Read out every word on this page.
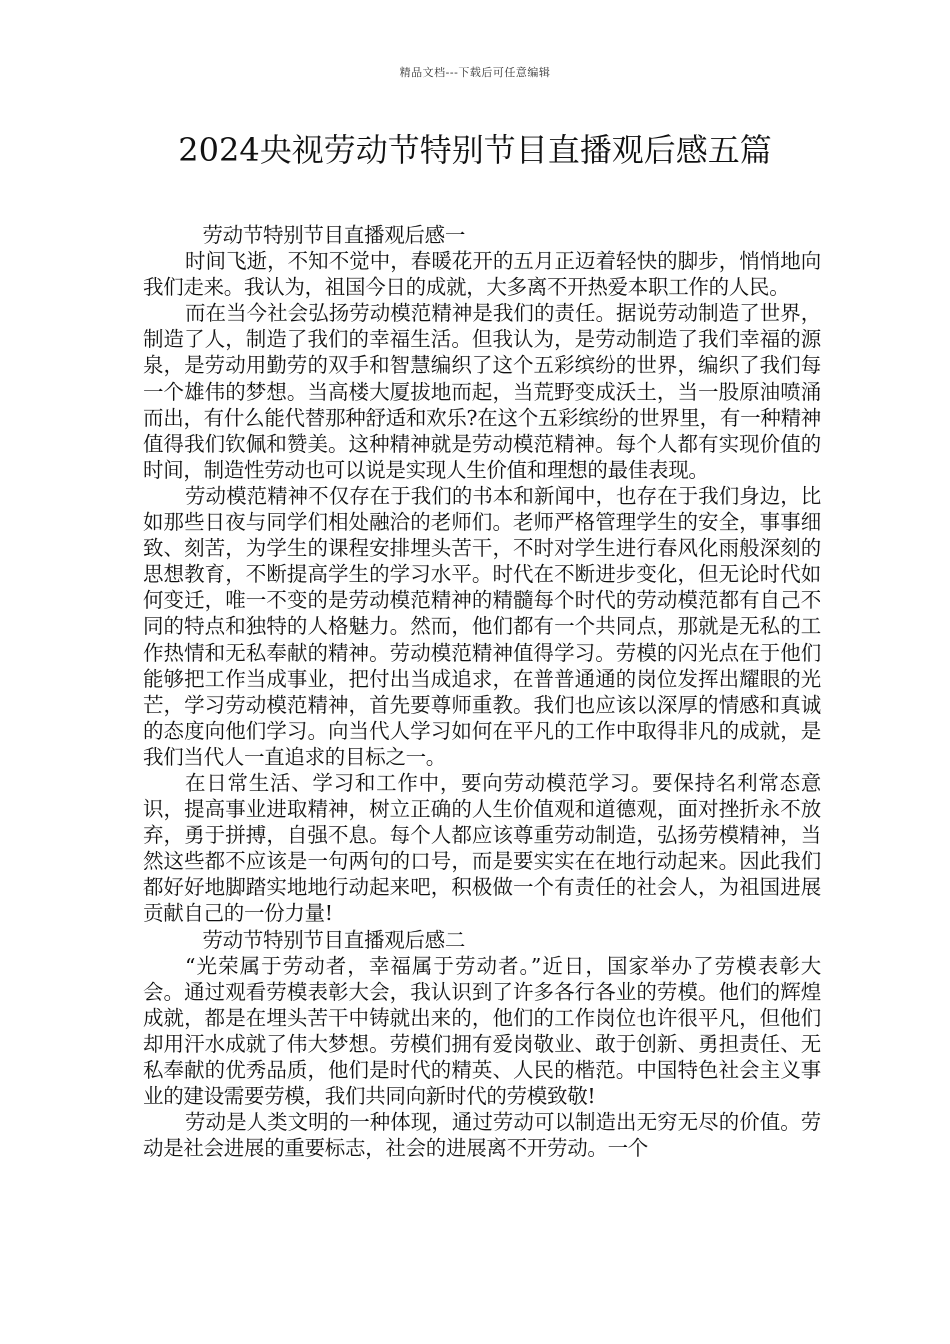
精品文档---下载后可任意编辑
2024央视劳动节特别节目直播观后感五篇

劳动节特别节目直播观后感一

时间飞逝，不知不觉中，春暖花开的五月正迈着轻快的脚步，悄悄地向我们走来。我认为，祖国今日的成就，大多离不开热爱本职工作的人民。

而在当今社会弘扬劳动模范精神是我们的责任。据说劳动制造了世界，制造了人，制造了我们的幸福生活。但我认为，是劳动制造了我们幸福的源泉，是劳动用勤劳的双手和智慧编织了这个五彩缤纷的世界，编织了我们每一个雄伟的梦想。当高楼大厦拔地而起，当荒野变成沃土，当一股原油喷涌而出，有什么能代替那种舒适和欢乐?在这个五彩缤纷的世界里，有一种精神值得我们钦佩和赞美。这种精神就是劳动模范精神。每个人都有实现价值的时间，制造性劳动也可以说是实现人生价值和理想的最佳表现。

劳动模范精神不仅存在于我们的书本和新闻中，也存在于我们身边，比如那些日夜与同学们相处融洽的老师们。老师严格管理学生的安全，事事细致、刻苦，为学生的课程安排埋头苦干，不时对学生进行春风化雨般深刻的思想教育，不断提高学生的学习水平。时代在不断进步变化，但无论时代如何变迁，唯一不变的是劳动模范精神的精髓每个时代的劳动模范都有自己不同的特点和独特的人格魅力。然而，他们都有一个共同点，那就是无私的工作热情和无私奉献的精神。劳动模范精神值得学习。劳模的闪光点在于他们能够把工作当成事业，把付出当成追求，在普普通通的岗位发挥出耀眼的光芒，学习劳动模范精神，首先要尊师重教。我们也应该以深厚的情感和真诚的态度向他们学习。向当代人学习如何在平凡的工作中取得非凡的成就，是我们当代人一直追求的目标之一。

在日常生活、学习和工作中，要向劳动模范学习。要保持名利常态意识，提高事业进取精神，树立正确的人生价值观和道德观，面对挫折永不放弃，勇于拼搏，自强不息。每个人都应该尊重劳动制造，弘扬劳模精神，当然这些都不应该是一句两句的口号，而是要实实在在地行动起来。因此我们都好好地脚踏实地地行动起来吧，积极做一个有责任的社会人，为祖国进展贡献自己的一份力量!

劳动节特别节目直播观后感二

“光荣属于劳动者，幸福属于劳动者。”近日，国家举办了劳模表彰大会。通过观看劳模表彰大会，我认识到了许多各行各业的劳模。他们的辉煌成就，都是在埋头苦干中铸就出来的，他们的工作岗位也许很平凡，但他们却用汗水成就了伟大梦想。劳模们拥有爱岗敬业、敢于创新、勇担责任、无私奉献的优秀品质，他们是时代的精英、人民的楷范。中国特色社会主义事业的建设需要劳模，我们共同向新时代的劳模致敬!

劳动是人类文明的一种体现，通过劳动可以制造出无穷无尽的价值。劳动是社会进展的重要标志，社会的进展离不开劳动。一个
